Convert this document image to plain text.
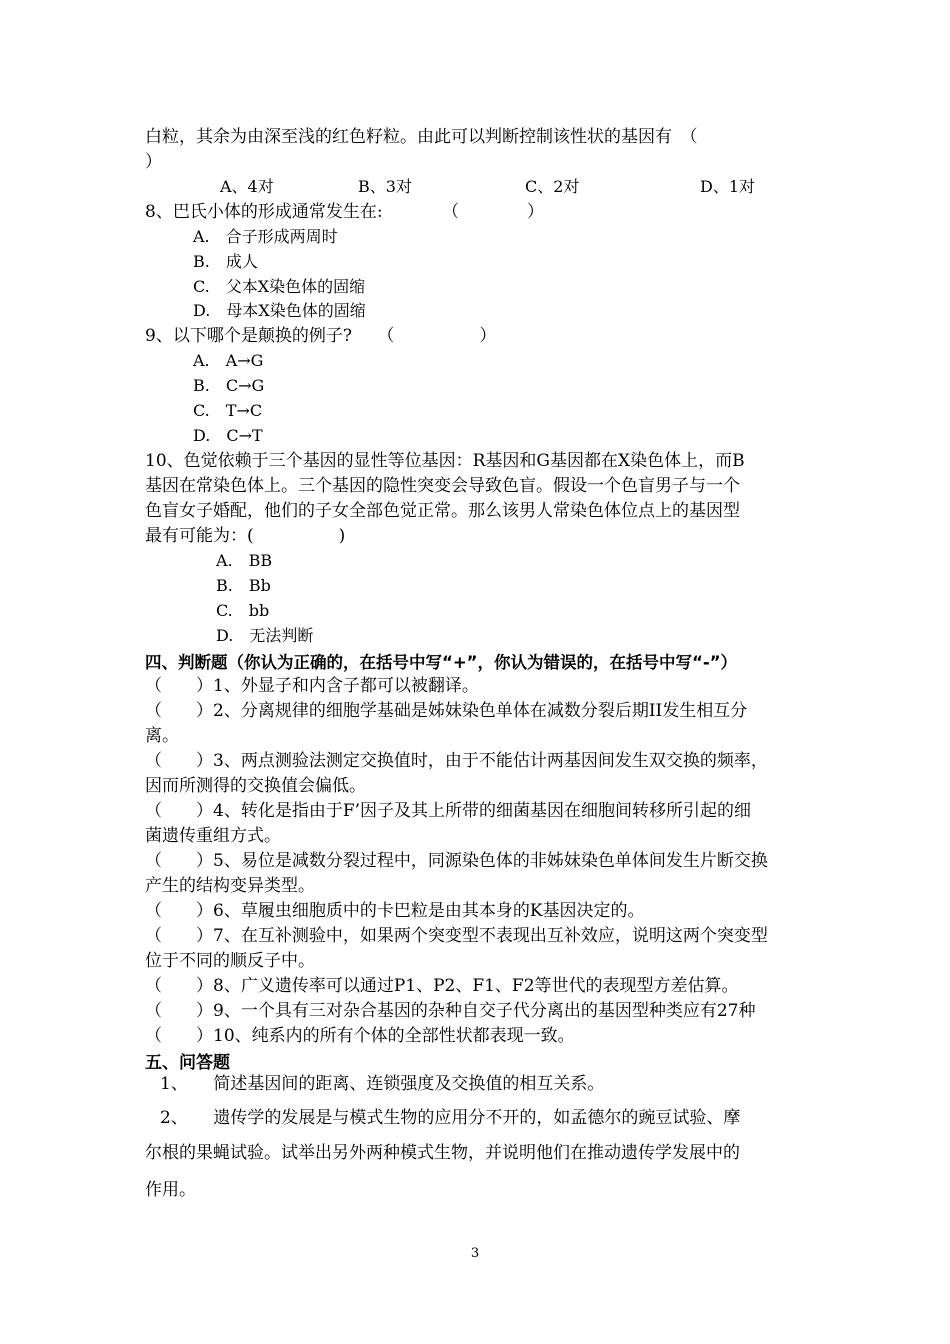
白粒，其余为由深至浅的红色籽粒。由此可以判断控制该性状的基因有　（
）
A、4对	B、3对	C、2对	D、1对
8、巴氏小体的形成通常发生在:　　　　（　　　　）
A.　合子形成两周时
B.　成人
C.　父本X染色体的固缩
D.　母本X染色体的固缩
9、以下哪个是颠换的例子?　　（　　　　　）
A.　A→G
B.　C→G
C.　T→C
D.　C→T
10、色觉依赖于三个基因的显性等位基因：R基因和G基因都在X染色体上，而B
基因在常染色体上。三个基因的隐性突变会导致色盲。假设一个色盲男子与一个
色盲女子婚配，他们的子女全部色觉正常。那么该男人常染色体位点上的基因型
最有可能为：(　　　　　)
A.　BB
B.　Bb
C.　bb
D.　无法判断
四、判断题（你认为正确的，在括号中写“+”，你认为错误的，在括号中写“-”）
（　　）1、外显子和内含子都可以被翻译。
（　　）2、分离规律的细胞学基础是姊妹染色单体在减数分裂后期II发生相互分
离。
（　　）3、两点测验法测定交换值时，由于不能估计两基因间发生双交换的频率，
因而所测得的交换值会偏低。
（　　）4、转化是指由于F’因子及其上所带的细菌基因在细胞间转移所引起的细
菌遗传重组方式。
（　　）5、易位是减数分裂过程中，同源染色体的非姊妹染色单体间发生片断交换
产生的结构变异类型。
（　　）6、草履虫细胞质中的卡巴粒是由其本身的K基因决定的。
（　　）7、在互补测验中，如果两个突变型不表现出互补效应，说明这两个突变型
位于不同的顺反子中。
（　　）8、广义遗传率可以通过P1、P2、F1、F2等世代的表现型方差估算。
（　　）9、一个具有三对杂合基因的杂种自交子代分离出的基因型种类应有27种
（　　）10、纯系内的所有个体的全部性状都表现一致。
五、问答题
1、　　简述基因间的距离、连锁强度及交换值的相互关系。
2、　　遗传学的发展是与模式生物的应用分不开的，如孟德尔的豌豆试验、摩
尔根的果蝇试验。试举出另外两种模式生物，并说明他们在推动遗传学发展中的
作用。
3
